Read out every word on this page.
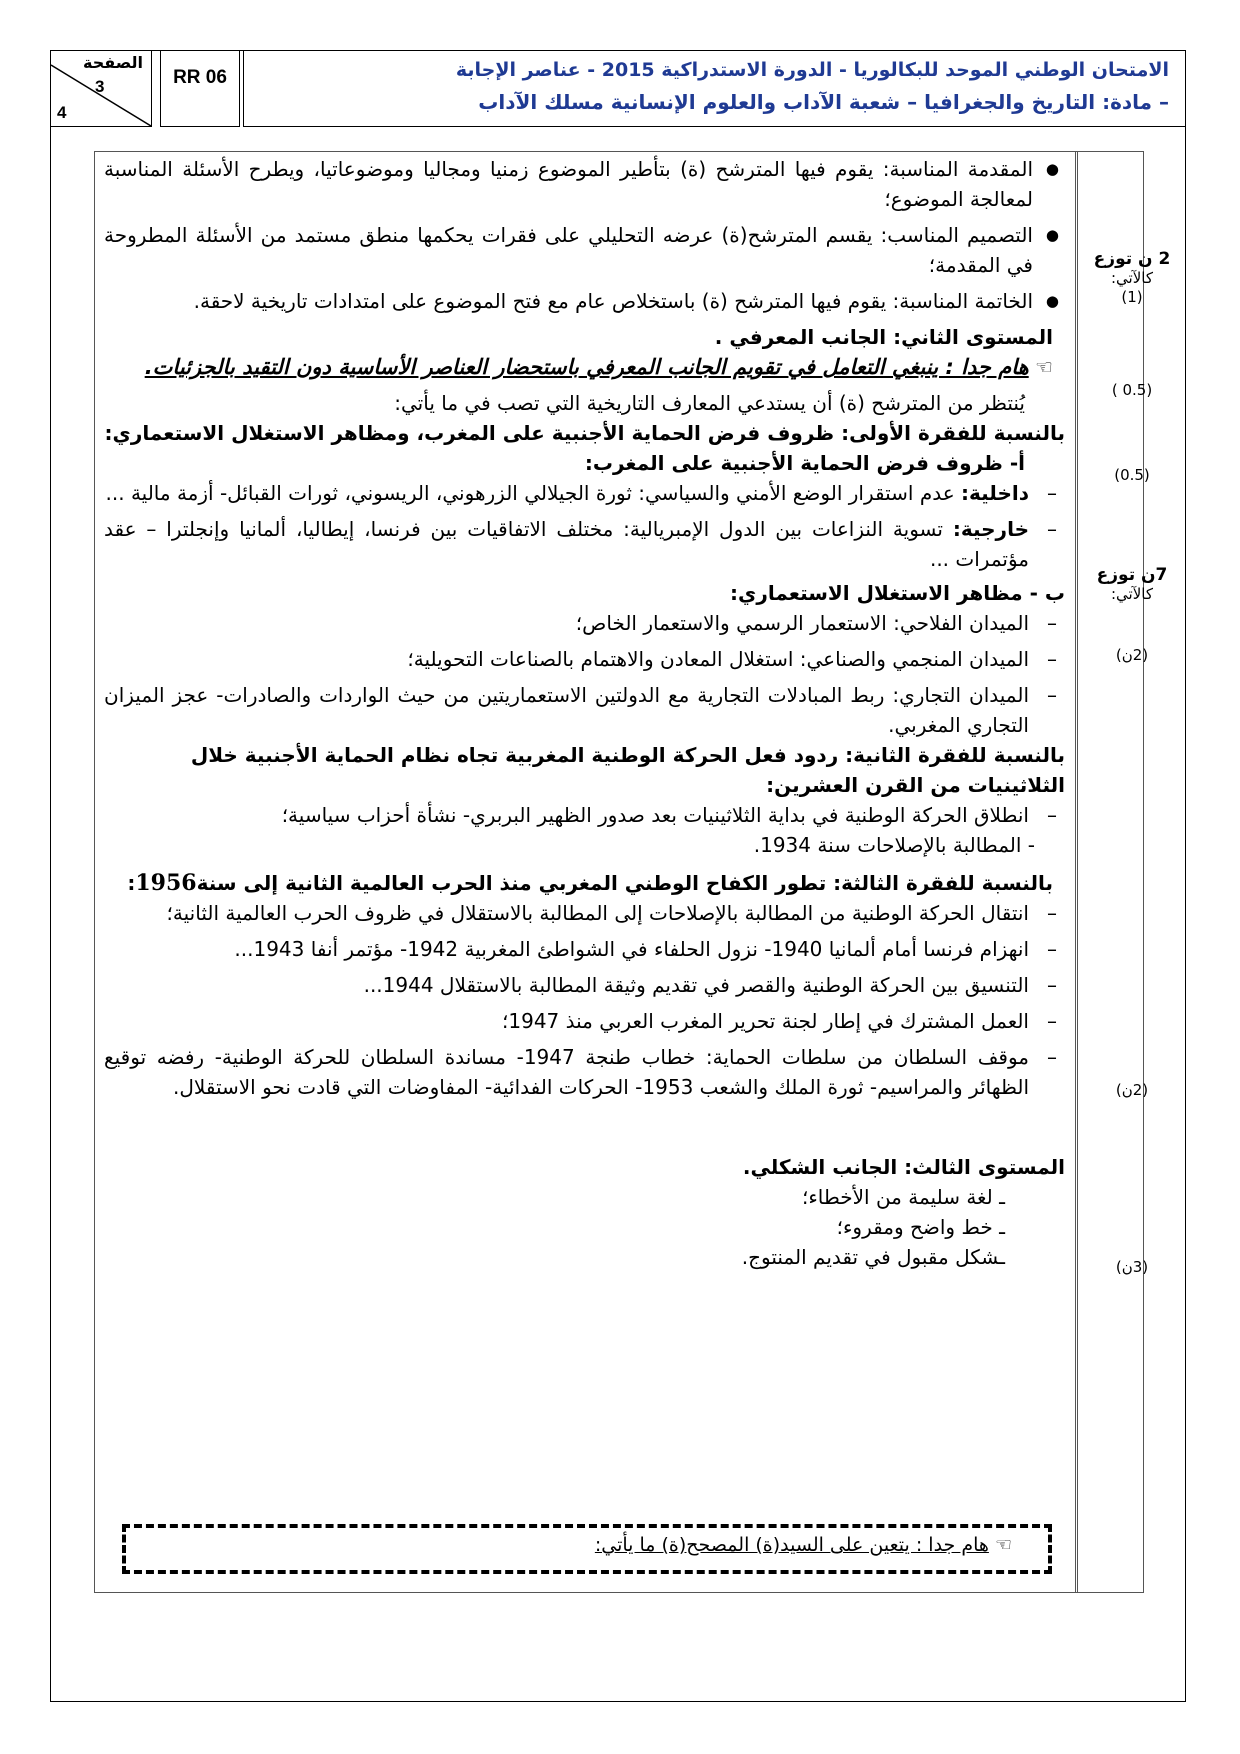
الصفحة
3
4
RR 06	الامتحان الوطني الموحد للبكالوريا - الدورة الاستدراكية 2015 - عناصر الإجابة
– مادة: التاريخ والجغرافيا – شعبة الآداب والعلوم الإنسانية مسلك الآداب
2 ن توزع
كالآتي:
(1)
(0.5 )
(0.5)
7ن توزع
كالآتي:
(2ن)
(2ن)
(3ن)

● المقدمة المناسبة: يقوم فيها المترشح (ة) بتأطير الموضوع زمنيا ومجاليا وموضوعاتيا، ويطرح الأسئلة المناسبة لمعالجة الموضوع؛

● التصميم المناسب: يقسم المترشح(ة) عرضه التحليلي على فقرات يحكمها منطق مستمد من الأسئلة المطروحة في المقدمة؛

● الخاتمة المناسبة: يقوم فيها المترشح (ة) باستخلاص عام مع فتح الموضوع على امتدادات تاريخية لاحقة.

المستوى الثاني: الجانب المعرفي .

☜ هام جدا : ينبغي التعامل في تقويم الجانب المعرفي باستحضار العناصر الأساسية دون التقيد بالجزئيات.

يُنتظر من المترشح (ة) أن يستدعي المعارف التاريخية التي تصب في ما يأتي:

بالنسبة للفقرة الأولى: ظروف فرض الحماية الأجنبية على المغرب، ومظاهر الاستغلال الاستعماري:

أ- ظروف فرض الحماية الأجنبية على المغرب:

– داخلية: عدم استقرار الوضع الأمني والسياسي: ثورة الجيلالي الزرهوني، الريسوني، ثورات القبائل- أزمة مالية ...

– خارجية: تسوية النزاعات بين الدول الإمبريالية: مختلف الاتفاقيات بين فرنسا، إيطاليا، ألمانيا وإنجلترا – عقد مؤتمرات ...

ب - مظاهر الاستغلال الاستعماري:

– الميدان الفلاحي: الاستعمار الرسمي والاستعمار الخاص؛

– الميدان المنجمي والصناعي: استغلال المعادن والاهتمام بالصناعات التحويلية؛

– الميدان التجاري: ربط المبادلات التجارية مع الدولتين الاستعماريتين من حيث الواردات والصادرات- عجز الميزان التجاري المغربي.

بالنسبة للفقرة الثانية: ردود فعل الحركة الوطنية المغربية تجاه نظام الحماية الأجنبية خلال الثلاثينيات من القرن العشرين:

– انطلاق الحركة الوطنية في بداية الثلاثينيات بعد صدور الظهير البربري- نشأة أحزاب سياسية؛

- المطالبة بالإصلاحات سنة 1934.

بالنسبة للفقرة الثالثة: تطور الكفاح الوطني المغربي منذ الحرب العالمية الثانية إلى سنة1956:

– انتقال الحركة الوطنية من المطالبة بالإصلاحات إلى المطالبة بالاستقلال في ظروف الحرب العالمية الثانية؛

– انهزام فرنسا أمام ألمانيا 1940- نزول الحلفاء في الشواطئ المغربية 1942- مؤتمر أنفا 1943...

– التنسيق بين الحركة الوطنية والقصر في تقديم وثيقة المطالبة بالاستقلال 1944...

– العمل المشترك في إطار لجنة تحرير المغرب العربي منذ 1947؛

– موقف السلطان من سلطات الحماية: خطاب طنجة 1947- مساندة السلطان للحركة الوطنية- رفضه توقيع الظهائر والمراسيم- ثورة الملك والشعب 1953- الحركات الفدائية- المفاوضات التي قادت نحو الاستقلال.

المستوى الثالث: الجانب الشكلي.

ـ لغة سليمة من الأخطاء؛

ـ خط واضح ومقروء؛

ـشكل مقبول في تقديم المنتوج.

☜ هام جدا : يتعين على السيد(ة) المصحح(ة) ما يأتي:
